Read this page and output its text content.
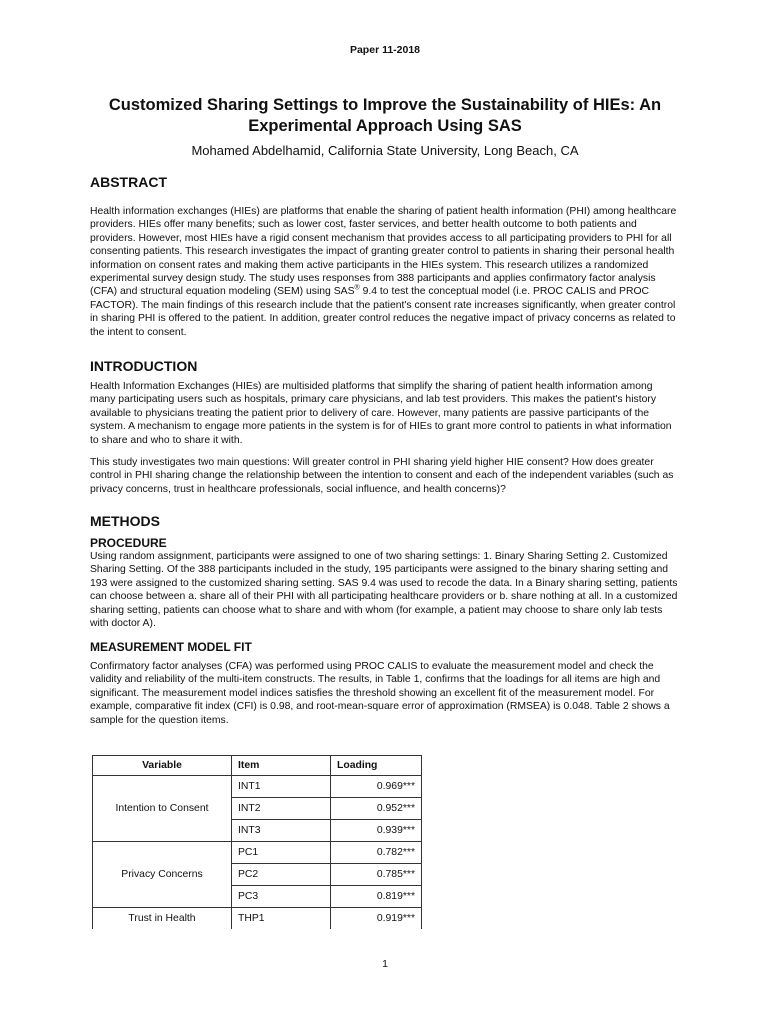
Paper 11-2018
Customized Sharing Settings to Improve the Sustainability of HIEs: An
Experimental Approach Using SAS
Mohamed Abdelhamid, California State University, Long Beach, CA
ABSTRACT

Health information exchanges (HIEs) are platforms that enable the sharing of patient health information (PHI) among healthcare providers. HIEs offer many benefits; such as lower cost, faster services, and better health outcome to both patients and providers. However, most HIEs have a rigid consent mechanism that provides access to all participating providers to PHI for all consenting patients. This research investigates the impact of granting greater control to patients in sharing their personal health information on consent rates and making them active participants in the HIEs system. This research utilizes a randomized experimental survey design study. The study uses responses from 388 participants and applies confirmatory factor analysis (CFA) and structural equation modeling (SEM) using SAS® 9.4 to test the conceptual model (i.e. PROC CALIS and PROC FACTOR). The main findings of this research include that the patient's consent rate increases significantly, when greater control in sharing PHI is offered to the patient. In addition, greater control reduces the negative impact of privacy concerns as related to the intent to consent.

INTRODUCTION

Health Information Exchanges (HIEs) are multisided platforms that simplify the sharing of patient health information among many participating users such as hospitals, primary care physicians, and lab test providers. This makes the patient's history available to physicians treating the patient prior to delivery of care. However, many patients are passive participants of the system. A mechanism to engage more patients in the system is for of HIEs to grant more control to patients in what information to share and who to share it with.

This study investigates two main questions: Will greater control in PHI sharing yield higher HIE consent? How does greater control in PHI sharing change the relationship between the intention to consent and each of the independent variables (such as privacy concerns, trust in healthcare professionals, social influence, and health concerns)?

METHODS
PROCEDURE

Using random assignment, participants were assigned to one of two sharing settings: 1. Binary Sharing Setting 2. Customized Sharing Setting. Of the 388 participants included in the study, 195 participants were assigned to the binary sharing setting and 193 were assigned to the customized sharing setting. SAS 9.4 was used to recode the data. In a Binary sharing setting, patients can choose between a. share all of their PHI with all participating healthcare providers or b. share nothing at all. In a customized sharing setting, patients can choose what to share and with whom (for example, a patient may choose to share only lab tests with doctor A).

MEASUREMENT MODEL FIT

Confirmatory factor analyses (CFA) was performed using PROC CALIS to evaluate the measurement model and check the validity and reliability of the multi-item constructs. The results, in Table 1, confirms that the loadings for all items are high and significant. The measurement model indices satisfies the threshold showing an excellent fit of the measurement model. For example, comparative fit index (CFI) is 0.98, and root-mean-square error of approximation (RMSEA) is 0.048. Table 2 shows a sample for the question items.

Variable	Item	Loading
Intention to Consent	INT1	0.969***
	INT2	0.952***
	INT3	0.939***
Privacy Concerns	PC1	0.782***
	PC2	0.785***
	PC3	0.819***
Trust in Health	THP1	0.919***
1
